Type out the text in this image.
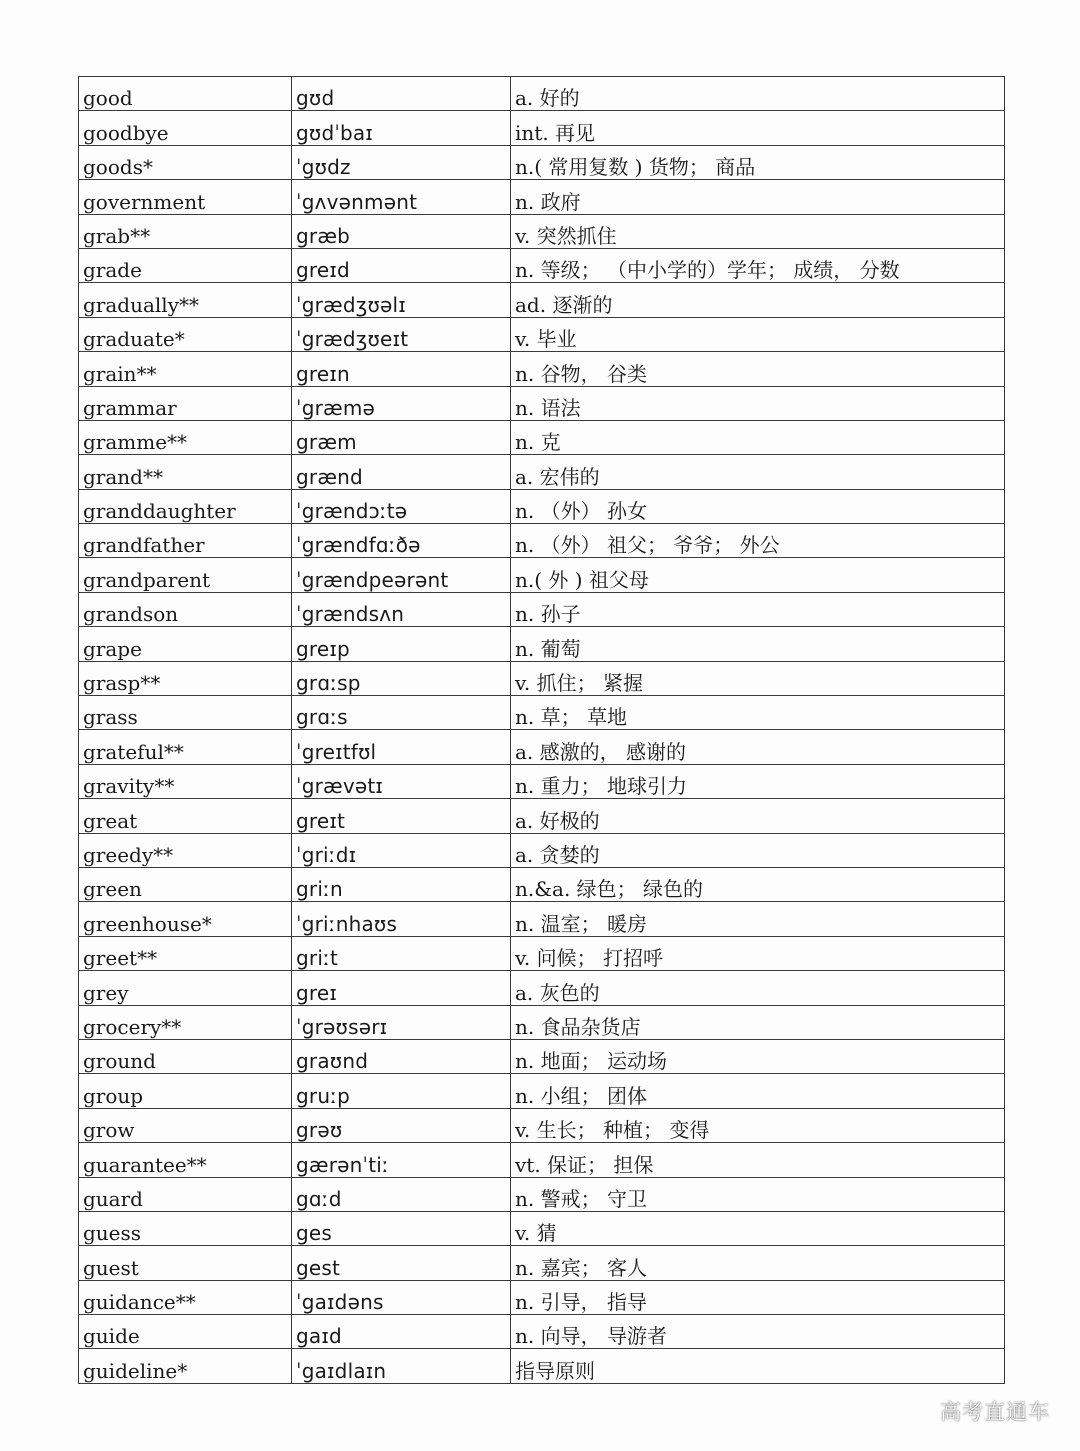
good	gʊd	a. 好的
goodbye	gʊdˈbaɪ	int. 再见
goods*	ˈgʊdz	n.( 常用复数 ) 货物； 商品
government	ˈgʌvənmənt	n. 政府
grab**	græb	v. 突然抓住
grade	greɪd	n. 等级； （中小学的）学年； 成绩， 分数
gradually**	ˈgrædʒʊəlɪ	ad. 逐渐的
graduate*	ˈgrædʒʊeɪt	v. 毕业
grain**	greɪn	n. 谷物， 谷类
grammar	ˈgræmə	n. 语法
gramme**	græm	n. 克
grand**	grænd	a. 宏伟的
granddaughter	ˈgrændɔːtə	n. （外） 孙女
grandfather	ˈgrændfɑːðə	n. （外） 祖父； 爷爷； 外公
grandparent	ˈgrændpeərənt	n.( 外 ) 祖父母
grandson	ˈgrændsʌn	n. 孙子
grape	greɪp	n. 葡萄
grasp**	grɑːsp	v. 抓住； 紧握
grass	grɑːs	n. 草； 草地
grateful**	ˈgreɪtfʊl	a. 感激的， 感谢的
gravity**	ˈgrævətɪ	n. 重力； 地球引力
great	greɪt	a. 好极的
greedy**	ˈgriːdɪ	a. 贪婪的
green	griːn	n.&a. 绿色； 绿色的
greenhouse*	ˈgriːnhaʊs	n. 温室； 暖房
greet**	griːt	v. 问候； 打招呼
grey	greɪ	a. 灰色的
grocery**	ˈgrəʊsərɪ	n. 食品杂货店
ground	graʊnd	n. 地面； 运动场
group	gruːp	n. 小组； 团体
grow	grəʊ	v. 生长； 种植； 变得
guarantee**	gærənˈtiː	vt. 保证； 担保
guard	gɑːd	n. 警戒； 守卫
guess	ges	v. 猜
guest	gest	n. 嘉宾； 客人
guidance**	ˈgaɪdəns	n. 引导， 指导
guide	gaɪd	n. 向导， 导游者
guideline*	ˈgaɪdlaɪn	指导原则
高考直通车
